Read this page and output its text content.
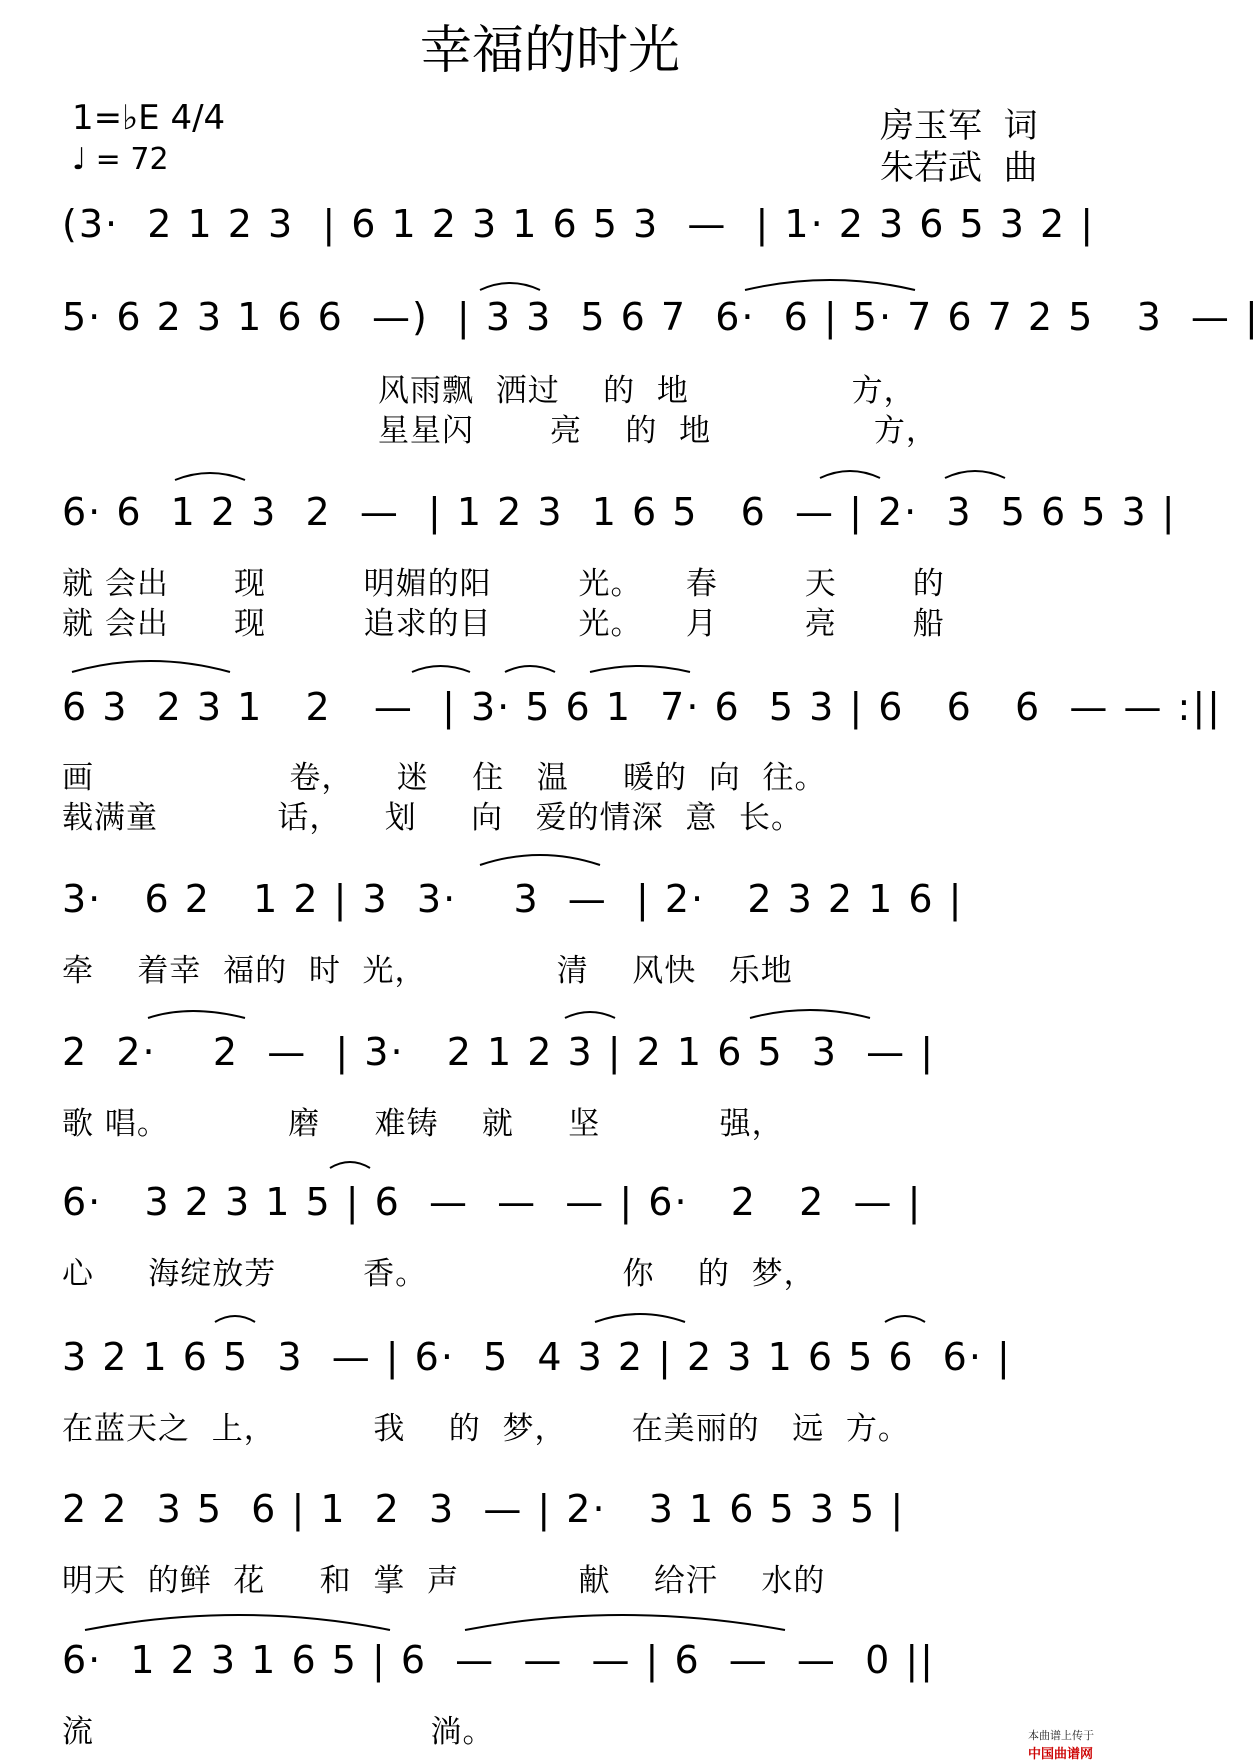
幸福的时光
1=♭E 4/4
♩ = 72
房玉军  词
朱若武  曲
(3·  2 1 2 3  | 6 1 2 3 1 6 5 3  —  | 1· 2 3 6 5 3 2 |
5· 6 2 3 1 6 6  —)  | 3 3  5 6 7  6·  6 | 5· 7 6 7 2 5   3  — |
风雨飘  洒过    的  地               方，
星星闪       亮    的  地               方，
6· 6  1 2 3  2  —  | 1 2 3  1 6 5   6  — | 2·  3  5 6 5 3 |
就 会出      现         明媚的阳        光。    春        天       的
就 会出      现         追求的目        光。    月        亮       船
6 3  2 3 1   2   —  | 3· 5 6 1  7· 6  5 3 | 6   6   6  — — :||
画                  卷，    迷    住   温     暖的  向  往。
载满童           话，    划     向   爱的情深  意  长。
3·   6 2   1 2 | 3  3·    3  —  | 2·   2 3 2 1 6 |
牵    着幸  福的  时  光，            清    风快   乐地
2  2·    2  —  | 3·   2 1 2 3 | 2 1 6 5  3  — |
歌 唱。           磨     难铸    就     坚           强，
6·   3 2 3 1 5 | 6  —  —  — | 6·   2   2  — |
心     海绽放芳        香。                  你    的  梦，
3 2 1 6 5  3  — | 6·  5  4 3 2 | 2 3 1 6 5 6  6· |
在蓝天之  上，         我    的  梦，      在美丽的   远  方。
2 2  3 5  6 | 1  2  3  — | 2·   3 1 6 5 3 5 |
明天  的鲜  花     和  掌  声           献    给汗    水的
6·  1 2 3 1 6 5 | 6  —  —  — | 6  —  —  0 ||
流                               淌。	本曲谱上传于
中国曲谱网
